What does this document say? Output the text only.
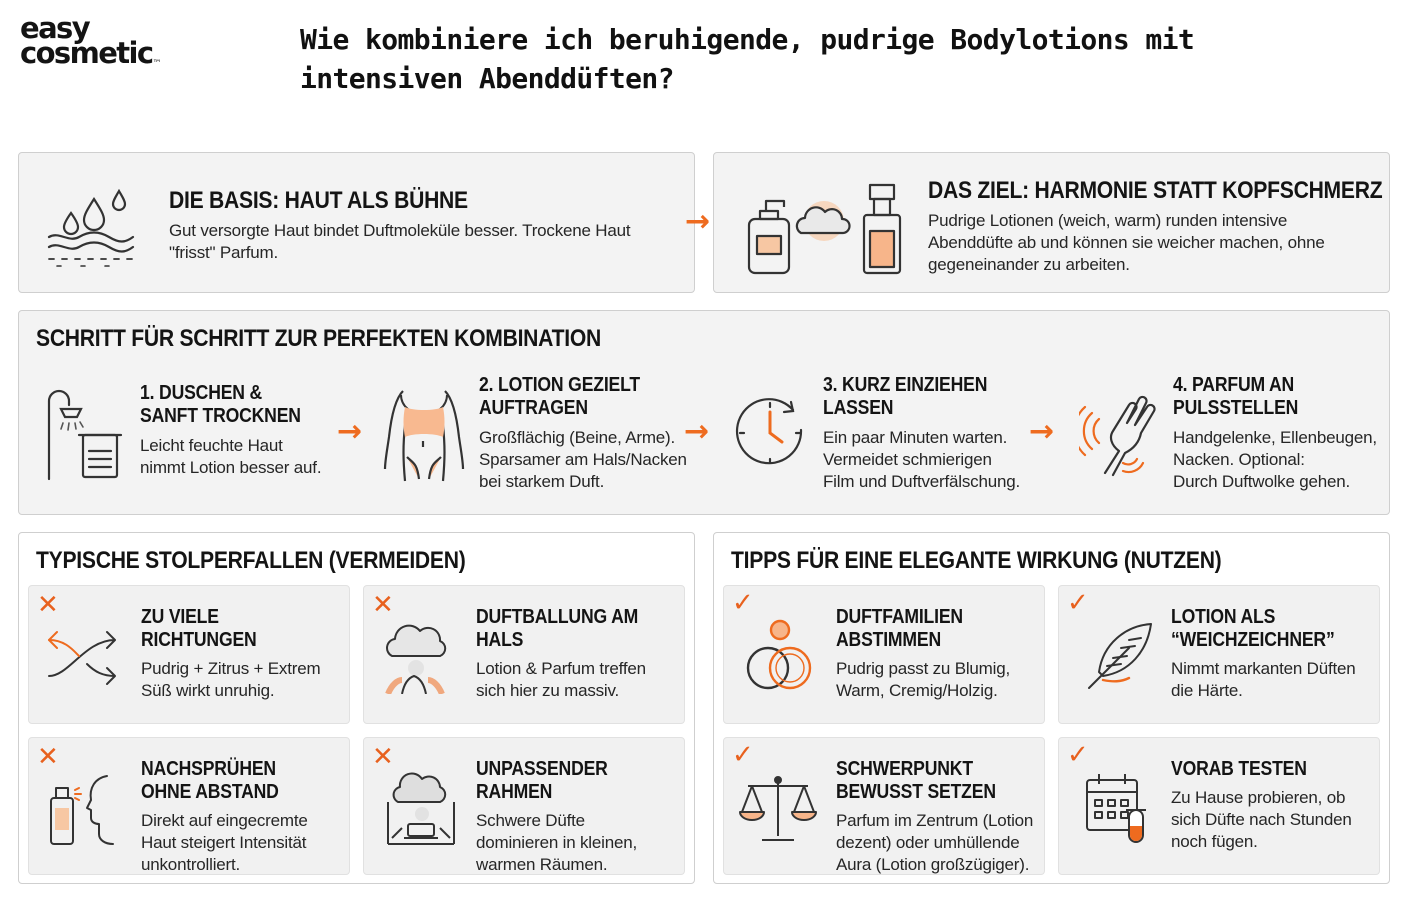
easy
cosmetic™
Wie kombiniere ich beruhigende, pudrige Bodylotions mit intensiven Abenddüften?
DIE BASIS: HAUT ALS BÜHNE
Gut versorgte Haut bindet Duftmoleküle besser. Trockene Haut
"frisst" Parfum.
→
DAS ZIEL: HARMONIE STATT KOPFSCHMERZ
Pudrige Lotionen (weich, warm) runden intensive
Abenddüfte ab und können sie weicher machen, ohne
gegeneinander zu arbeiten.
SCHRITT FÜR SCHRITT ZUR PERFEKTEN KOMBINATION
1. DUSCHEN &
SANFT TROCKNEN
Leicht feuchte Haut
nimmt Lotion besser auf.
→
2. LOTION GEZIELT
AUFTRAGEN
Großflächig (Beine, Arme).
Sparsamer am Hals/Nacken
bei starkem Duft.
→
3. KURZ EINZIEHEN
LASSEN
Ein paar Minuten warten.
Vermeidet schmierigen
Film und Duftverfälschung.
→
4. PARFUM AN
PULSSTELLEN
Handgelenke, Ellenbeugen,
Nacken. Optional:
Durch Duftwolke gehen.
TYPISCHE STOLPERFALLEN (VERMEIDEN)
✕	ZU VIELE
RICHTUNGEN
Pudrig + Zitrus + Extrem
Süß wirkt unruhig.
✕	DUFTBALLUNG AM
HALS
Lotion & Parfum treffen
sich hier zu massiv.
✕	NACHSPRÜHEN
OHNE ABSTAND
Direkt auf eingecremte
Haut steigert Intensität
unkontrolliert.
✕	UNPASSENDER
RAHMEN
Schwere Düfte
dominieren in kleinen,
warmen Räumen.
TIPPS FÜR EINE ELEGANTE WIRKUNG (NUTZEN)
✓	DUFTFAMILIEN
ABSTIMMEN
Pudrig passt zu Blumig,
Warm, Cremig/Holzig.
✓	LOTION ALS
“WEICHZEICHNER”
Nimmt markanten Düften
die Härte.
✓	SCHWERPUNKT
BEWUSST SETZEN
Parfum im Zentrum (Lotion
dezent) oder umhüllende
Aura (Lotion großzügiger).
✓	VORAB TESTEN
Zu Hause probieren, ob
sich Düfte nach Stunden
noch fügen.
